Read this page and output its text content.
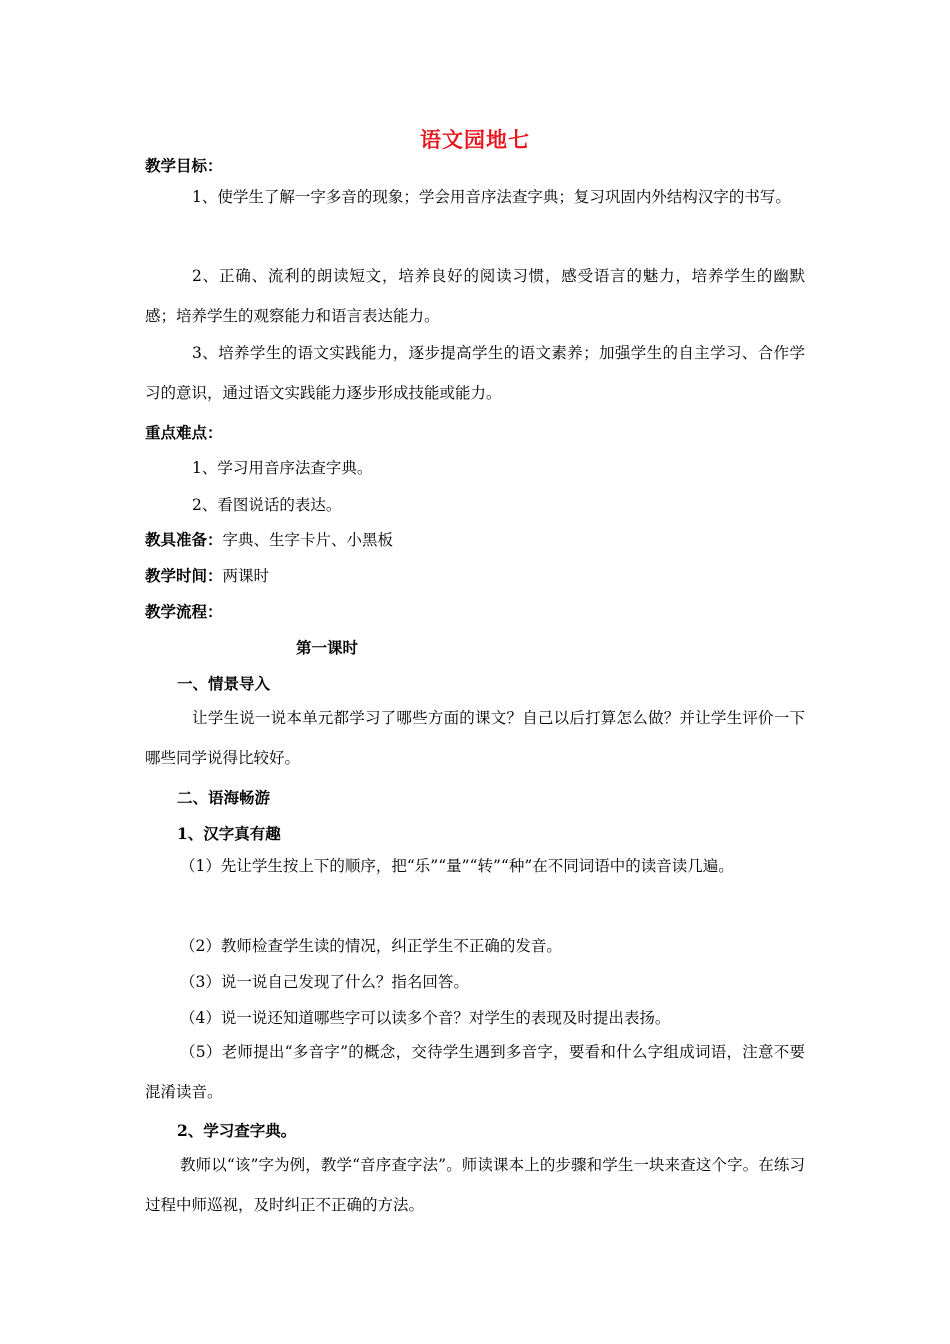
语文园地七
教学目标：
1、使学生了解一字多音的现象；学会用音序法查字典；复习巩固内外结构汉字的书写。
2、正确、流利的朗读短文，培养良好的阅读习惯，感受语言的魅力，培养学生的幽默感；培养学生的观察能力和语言表达能力。
3、培养学生的语文实践能力，逐步提高学生的语文素养；加强学生的自主学习、合作学习的意识，通过语文实践能力逐步形成技能或能力。
重点难点：
1、学习用音序法查字典。
2、看图说话的表达。
教具准备：字典、生字卡片、小黑板
教学时间：两课时
教学流程：
第一课时
一、情景导入
让学生说一说本单元都学习了哪些方面的课文？自己以后打算怎么做？并让学生评价一下哪些同学说得比较好。
二、语海畅游
1、汉字真有趣
（1）先让学生按上下的顺序，把“乐”“量”“转”“种”在不同词语中的读音读几遍。
（2）教师检查学生读的情况，纠正学生不正确的发音。
（3）说一说自己发现了什么？指名回答。
（4）说一说还知道哪些字可以读多个音？对学生的表现及时提出表扬。
（5）老师提出“多音字”的概念，交待学生遇到多音字，要看和什么字组成词语，注意不要混淆读音。
2、学习查字典。
教师以“该”字为例，教学“音序查字法”。师读课本上的步骤和学生一块来查这个字。在练习过程中师巡视，及时纠正不正确的方法。
